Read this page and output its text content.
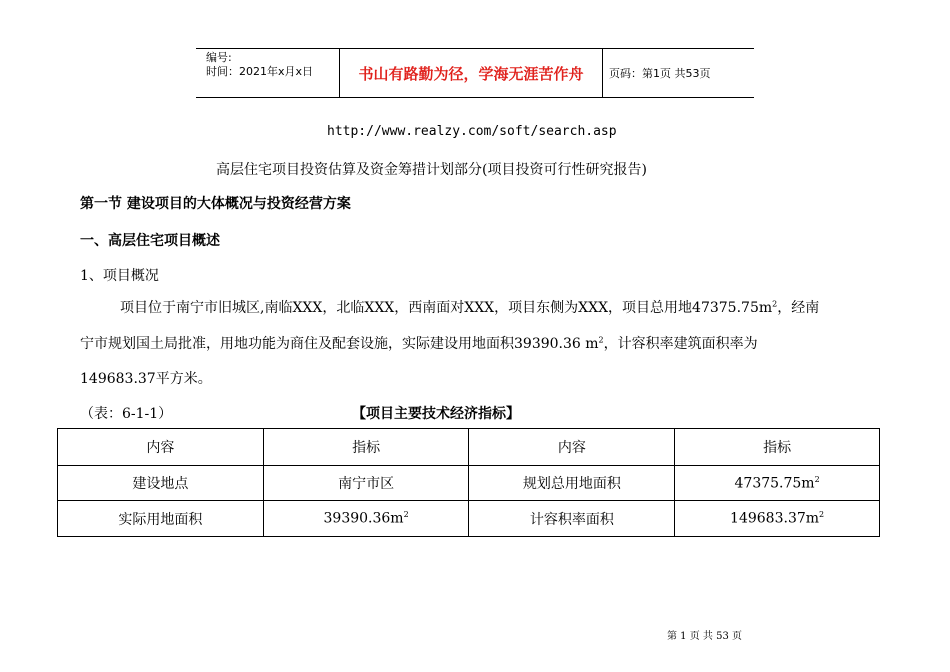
编号:
时间：2021年x月x日	书山有路勤为径，学海无涯苦作舟	页码：第1页 共53页
http://www.realzy.com/soft/search.asp
高层住宅项目投资估算及资金筹措计划部分(项目投资可行性研究报告)
第一节 建设项目的大体概况与投资经营方案
一、高层住宅项目概述
1、项目概况
项目位于南宁市旧城区,南临XXX，北临XXX，西南面对XXX，项目东侧为XXX，项目总用地$47375.75m^2$，经南
宁市规划国土局批准，用地功能为商住及配套设施，实际建设用地面积39390.36 $m^2$，计容积率建筑面积率为
149683.37平方米。
（表：6-1-1）	【项目主要技术经济指标】
内容	指标	内容	指标
建设地点	南宁市区	规划总用地面积	$47375.75m^2$
实际用地面积	$39390.36m^2$	计容积率面积	$149683.37m^2$
第 1 页 共 53 页
